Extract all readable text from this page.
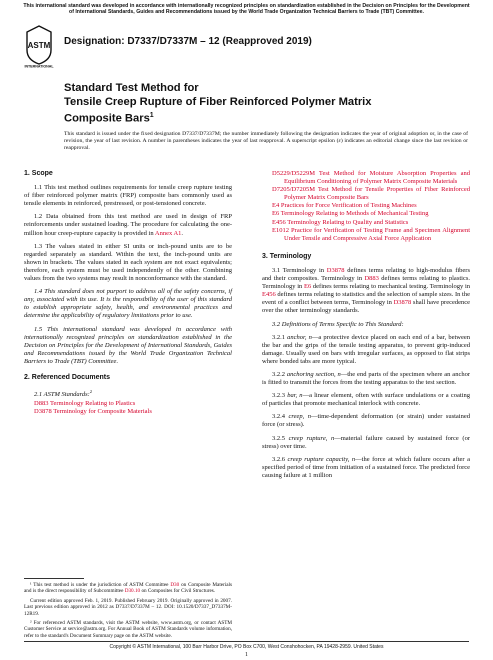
This international standard was developed in accordance with internationally recognized principles on standardization established in the Decision on Principles for the Development of International Standards, Guides and Recommendations issued by the World Trade Organization Technical Barriers to Trade (TBT) Committee.
ASTM
INTERNATIONAL
Designation: D7337/D7337M – 12 (Reapproved 2019)
Standard Test Method for
Tensile Creep Rupture of Fiber Reinforced Polymer Matrix
Composite Bars$^1$
This standard is issued under the fixed designation D7337/D7337M; the number immediately following the designation indicates the year of original adoption or, in the case of revision, the year of last revision. A number in parentheses indicates the year of last reapproval. A superscript epsilon (ε) indicates an editorial change since the last revision or reapproval.
1. Scope

1.1 This test method outlines requirements for tensile creep rupture testing of fiber reinforced polymer matrix (FRP) composite bars commonly used as tensile elements in reinforced, prestressed, or post-tensioned concrete.

1.2 Data obtained from this test method are used in design of FRP reinforcements under sustained loading. The procedure for calculating the one-million hour creep-rupture capacity is provided in Annex A1.

1.3 The values stated in either SI units or inch-pound units are to be regarded separately as standard. Within the text, the inch-pound units are shown in brackets. The values stated in each system are not exact equivalents; therefore, each system must be used independently of the other. Combining values from the two systems may result in nonconformance with the standard.

1.4 This standard does not purport to address all of the safety concerns, if any, associated with its use. It is the responsibility of the user of this standard to establish appropriate safety, health, and environmental practices and determine the applicability of regulatory limitations prior to use.

1.5 This international standard was developed in accordance with internationally recognized principles on standardization established in the Decision on Principles for the Development of International Standards, Guides and Recommendations issued by the World Trade Organization Technical Barriers to Trade (TBT) Committee.

2. Referenced Documents

2.1 ASTM Standards:$^2$

D883 Terminology Relating to Plastics

D3878 Terminology for Composite Materials

D5229/D5229M Test Method for Moisture Absorption Properties and Equilibrium Conditioning of Polymer Matrix Composite Materials

D7205/D7205M Test Method for Tensile Properties of Fiber Reinforced Polymer Matrix Composite Bars

E4 Practices for Force Verification of Testing Machines

E6 Terminology Relating to Methods of Mechanical Testing

E456 Terminology Relating to Quality and Statistics

E1012 Practice for Verification of Testing Frame and Specimen Alignment Under Tensile and Compressive Axial Force Application

3. Terminology

3.1 Terminology in D3878 defines terms relating to high-modulus fibers and their composites. Terminology in D883 defines terms relating to plastics. Terminology in E6 defines terms relating to mechanical testing. Terminology in E456 defines terms relating to statistics and the selection of sample sizes. In the event of a conflict between terms, Terminology in D3878 shall have precedence over the other terminology standards.

3.2 Definitions of Terms Specific to This Standard:

3.2.1 anchor, n—a protective device placed on each end of a bar, between the bar and the grips of the tensile testing apparatus, to prevent grip-induced damage. Usually used on bars with irregular surfaces, as opposed to flat strips where bonded tabs are more typical.

3.2.2 anchoring section, n—the end parts of the specimen where an anchor is fitted to transmit the forces from the testing apparatus to the test section.

3.2.3 bar, n—a linear element, often with surface undulations or a coating of particles that promote mechanical interlock with concrete.

3.2.4 creep, n—time-dependent deformation (or strain) under sustained force (or stress).

3.2.5 creep rupture, n—material failure caused by sustained force (or stress) over time.

3.2.6 creep rupture capacity, n—the force at which failure occurs after a specified period of time from initiation of a sustained force. The predicted force causing failure at 1 million

¹ This test method is under the jurisdiction of ASTM Committee D30 on Composite Materials and is the direct responsibility of Subcommittee D30.10 on Composites for Civil Structures.

Current edition approved Feb. 1, 2019. Published February 2019. Originally approved in 2007. Last previous edition approved in 2012 as D7337/D7337M – 12. DOI: 10.1520/D7337_D7337M-12R19.

² For referenced ASTM standards, visit the ASTM website, www.astm.org, or contact ASTM Customer Service at service@astm.org. For Annual Book of ASTM Standards volume information, refer to the standard's Document Summary page on the ASTM website.

Copyright © ASTM International, 100 Barr Harbor Drive, PO Box C700, West Conshohocken, PA 19428-2959. United States
1
